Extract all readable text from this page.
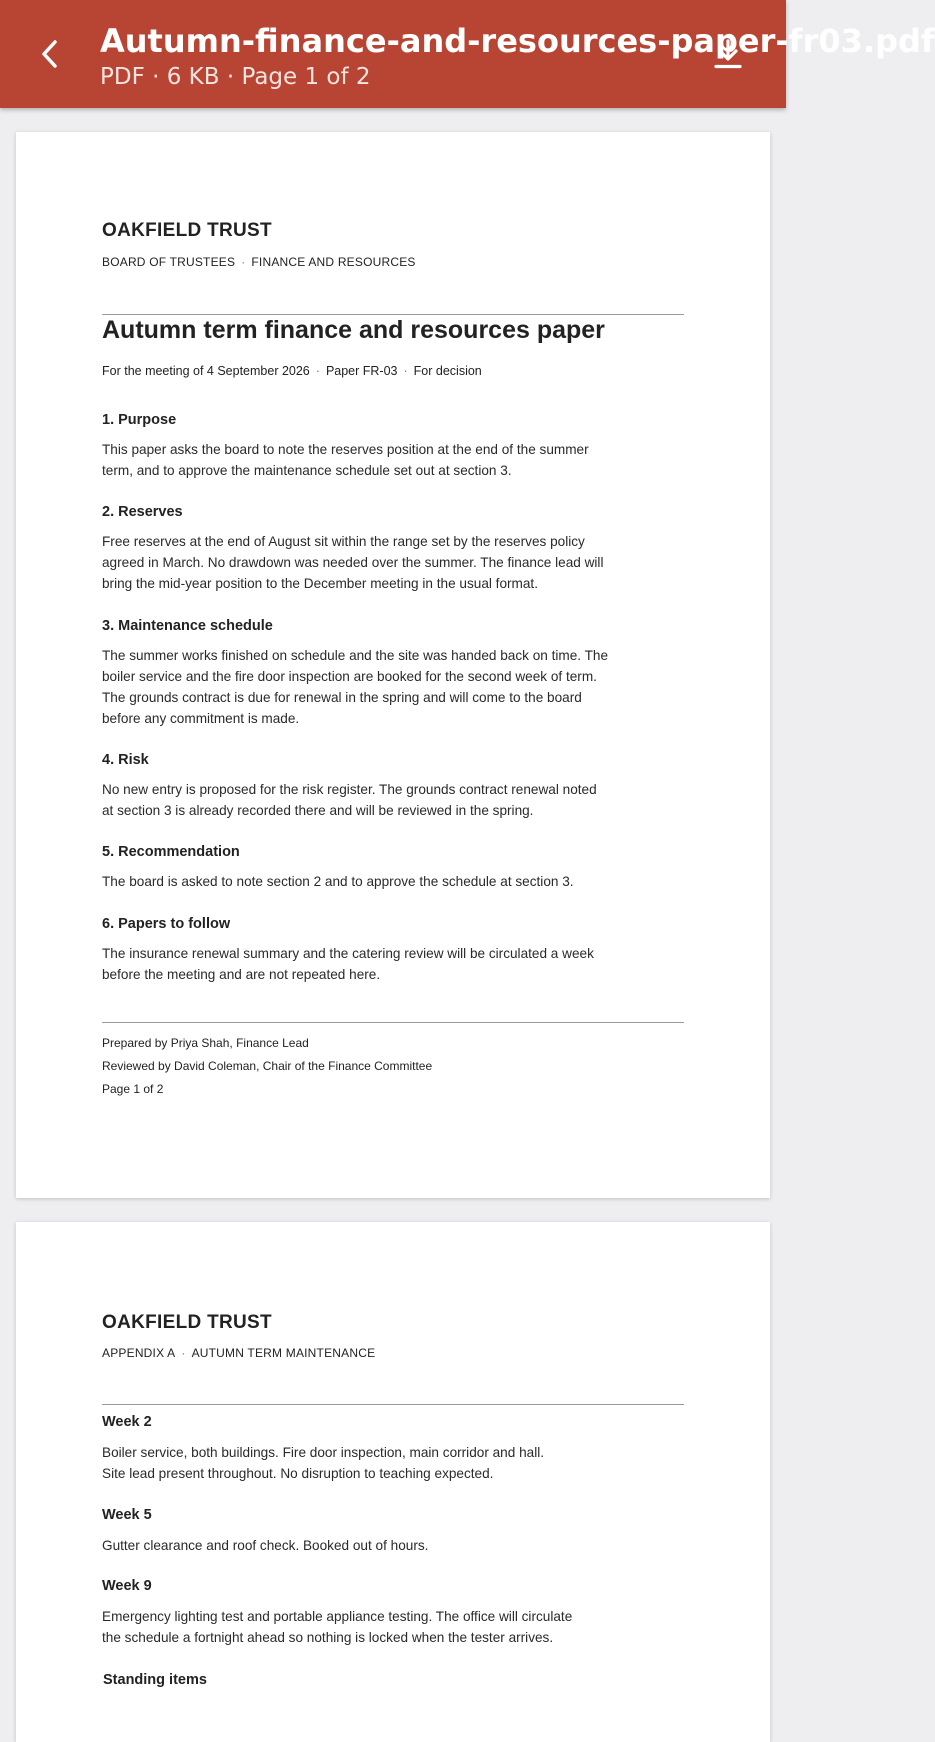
Autumn-finance-and-resources-paper-fr03.pdf
PDF · 6 KB · Page 1 of 2
OAKFIELD TRUST
BOARD OF TRUSTEES · FINANCE AND RESOURCES
Autumn term finance and resources paper
For the meeting of 4 September 2026 · Paper FR-03 · For decision
1. Purpose
This paper asks the board to note the reserves position at the end of the summer
term, and to approve the maintenance schedule set out at section 3.
2. Reserves
Free reserves at the end of August sit within the range set by the reserves policy
agreed in March. No drawdown was needed over the summer. The finance lead will
bring the mid-year position to the December meeting in the usual format.
3. Maintenance schedule
The summer works finished on schedule and the site was handed back on time. The
boiler service and the fire door inspection are booked for the second week of term.
The grounds contract is due for renewal in the spring and will come to the board
before any commitment is made.
4. Risk
No new entry is proposed for the risk register. The grounds contract renewal noted
at section 3 is already recorded there and will be reviewed in the spring.
5. Recommendation
The board is asked to note section 2 and to approve the schedule at section 3.
6. Papers to follow
The insurance renewal summary and the catering review will be circulated a week
before the meeting and are not repeated here.
Prepared by Priya Shah, Finance Lead
Reviewed by David Coleman, Chair of the Finance Committee
Page 1 of 2
OAKFIELD TRUST
APPENDIX A · AUTUMN TERM MAINTENANCE
Week 2
Boiler service, both buildings. Fire door inspection, main corridor and hall.
Site lead present throughout. No disruption to teaching expected.
Week 5
Gutter clearance and roof check. Booked out of hours.
Week 9
Emergency lighting test and portable appliance testing. The office will circulate
the schedule a fortnight ahead so nothing is locked when the tester arrives.
Standing items
